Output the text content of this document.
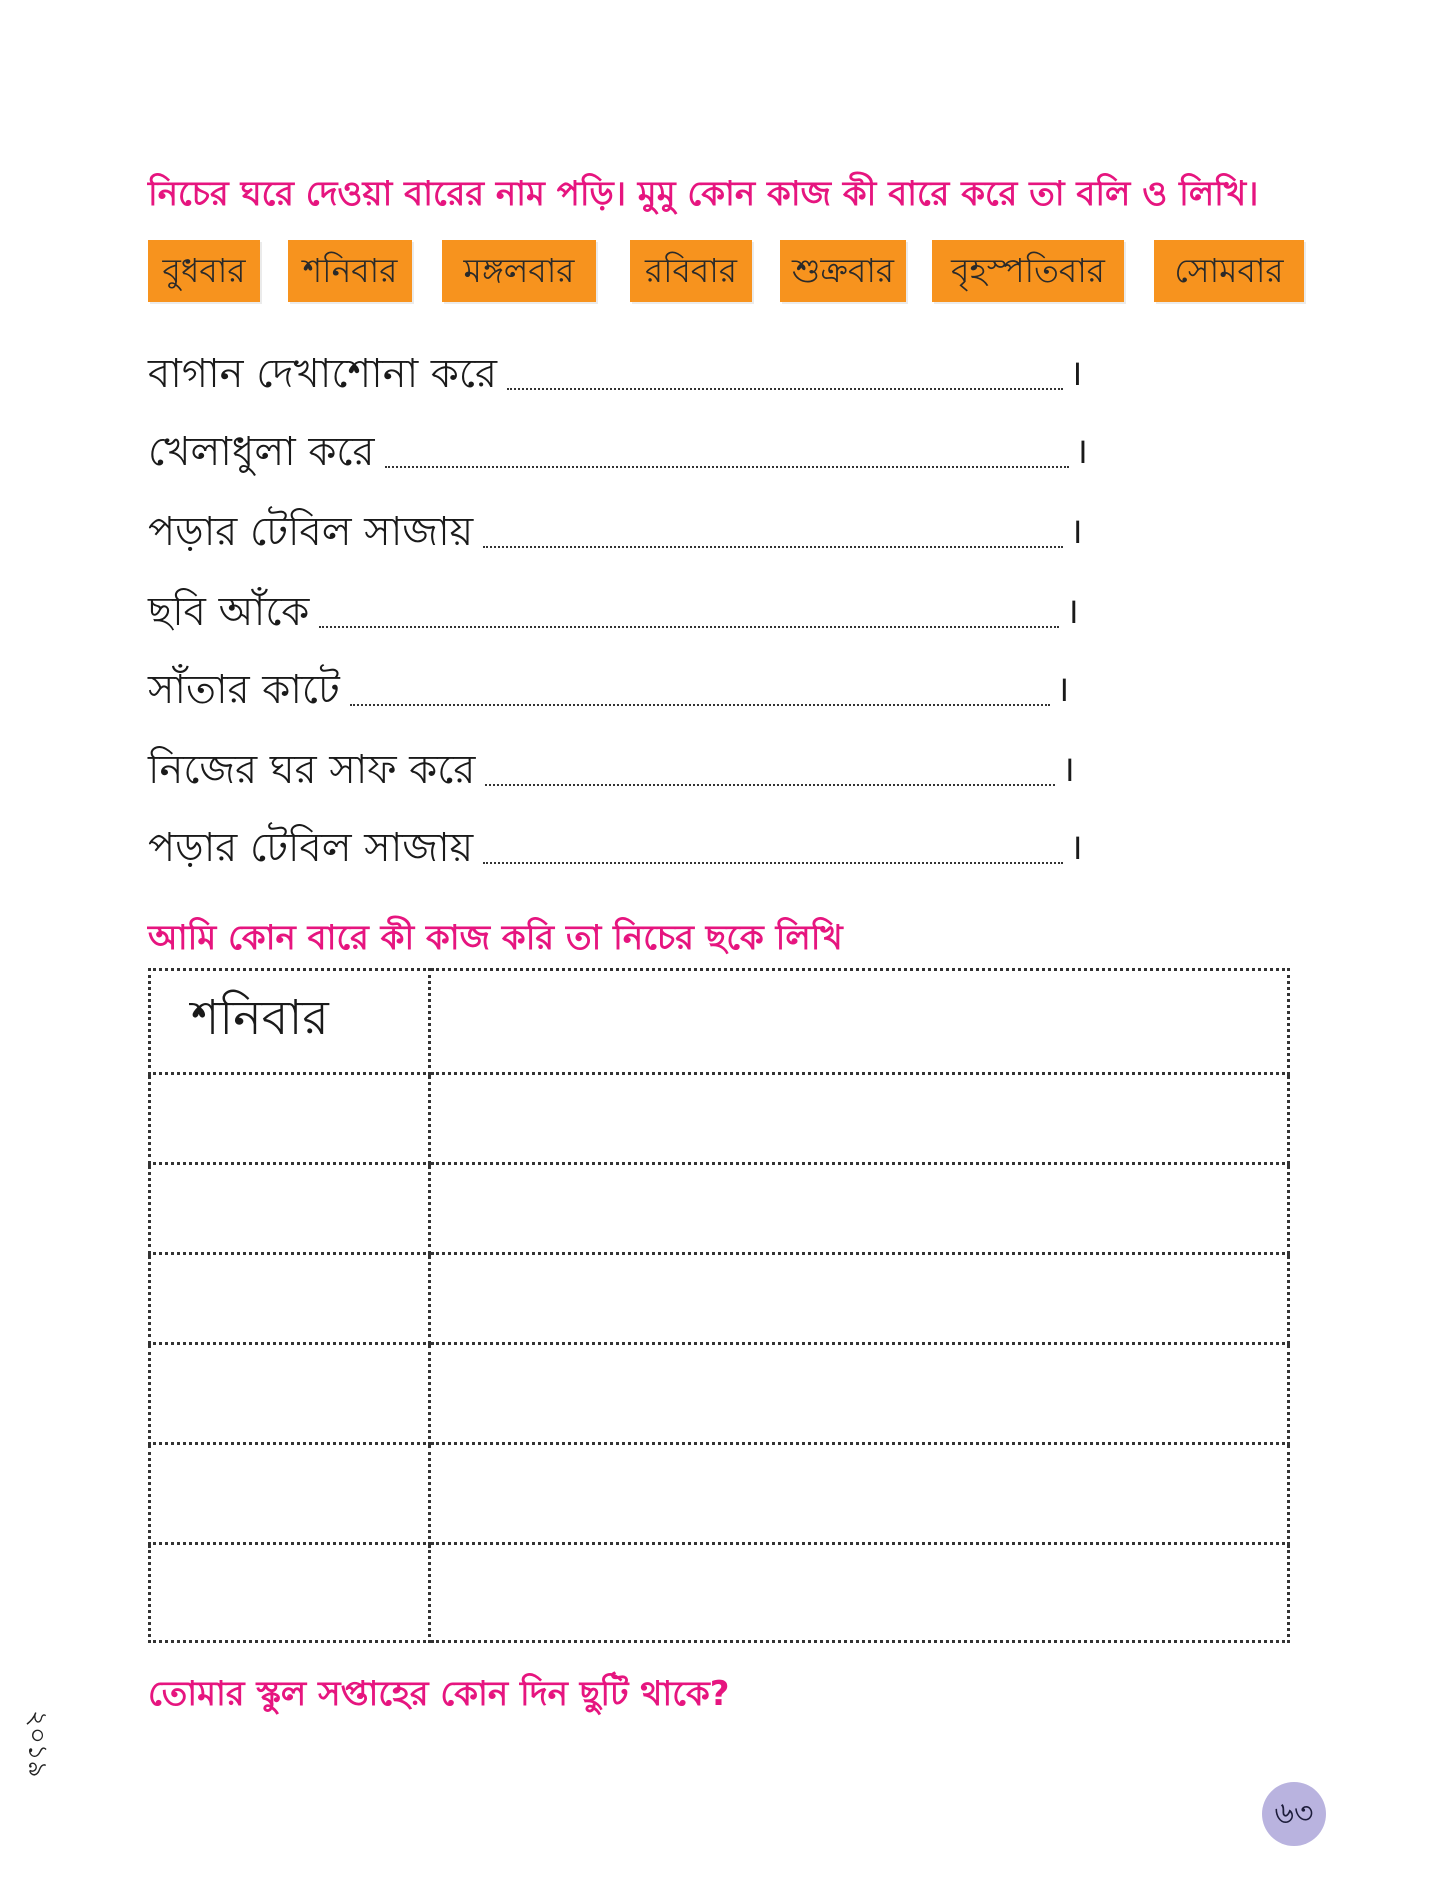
নিচের ঘরে দেওয়া বারের নাম পড়ি। মুমু কোন কাজ কী বারে করে তা বলি ও লিখি।

বুধবার	শনিবার	মঙ্গলবার	রবিবার	শুক্রবার	বৃহস্পতিবার	সোমবার
বাগান দেখাশোনা করে	।
খেলাধুলা করে	।
পড়ার টেবিল সাজায়	।
ছবি আঁকে	।
সাঁতার কাটে	।
নিজের ঘর সাফ করে	।
পড়ার টেবিল সাজায়	।

আমি কোন বারে কী কাজ করি তা নিচের ছকে লিখি

শনিবার	

তোমার স্কুল সপ্তাহের কোন দিন ছুটি থাকে?

২০১৯
৬৩
